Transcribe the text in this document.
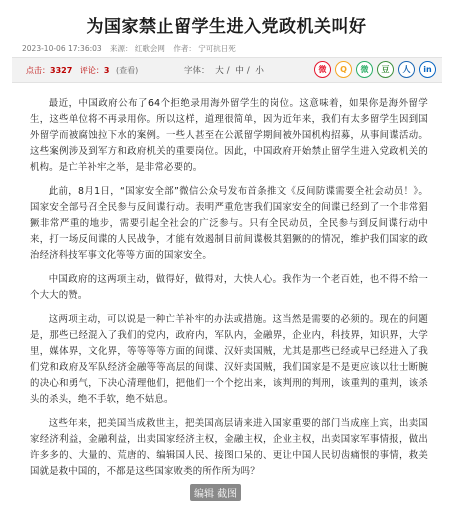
为国家禁止留学生进入党政机关叫好
2023-10-06 17:36:03 来源： 红歌会网 作者： 宁可抗日死
点击：3327 评论：3 (查看)	字体： 大 / 中 / 小	微	Q	微	豆	人	in

最近，中国政府公布了64个拒绝录用海外留学生的岗位。这意味着，如果你是海外留学生，这些单位将不再录用你。所以这样，道理很简单，因为近年来，我们有太多留学生因到国外留学而被腐蚀拉下水的案例。一些人甚至在公派留学期间被外国机构招募，从事间谍活动。这些案例涉及到军方和政府机关的重要岗位。因此，中国政府开始禁止留学生进入党政机关的机构。是亡羊补牢之举，是非常必要的。

此前，8月1日，“国家安全部”微信公众号发布首条推文《反间防谍需要全社会动员！》。国家安全部号召全民参与反间谍行动。表明严重危害我们国家安全的间谍已经到了一个非常猖獗非常严重的地步，需要引起全社会的广泛参与。只有全民动员，全民参与到反间谍行动中来，打一场反间谍的人民战争，才能有效遏制目前间谍极其猖獗的的情况，维护我们国家的政治经济科技军事文化等等方面的国家安全。

中国政府的这两项主动，做得好，做得对，大快人心。我作为一个老百姓，也不得不给一个大大的赞。

这两项主动，可以说是一种亡羊补牢的办法或措施。这当然是需要的必须的。现在的问题是，那些已经混入了我们的党内，政府内，军队内，金融界，企业内，科技界，知识界，大学里，媒体界，文化界，等等等等方面的间谍、汉奸卖国贼，尤其是那些已经或早已经进入了我们党和政府及军队经济金融等等高层的间谍、汉奸卖国贼，我们国家是不是更应该以壮士断腕的决心和勇气，下决心清理他们，把他们一个个挖出来，该判刑的判刑，该重判的重判，该杀头的杀头，绝不手软，绝不姑息。

这些年来，把美国当成救世主，把美国高层请来进入国家重要的部门当成座上宾，出卖国家经济利益，金融利益，出卖国家经济主权，金融主权，企业主权，出卖国家军事情报，做出许多多的、大量的、荒唐的、编辑国人民、接图口呆的、更让中国人民切齿痛恨的事情，救美国就是救中国的，不都是这些国家败类的所作所为吗？

编辑 截图
